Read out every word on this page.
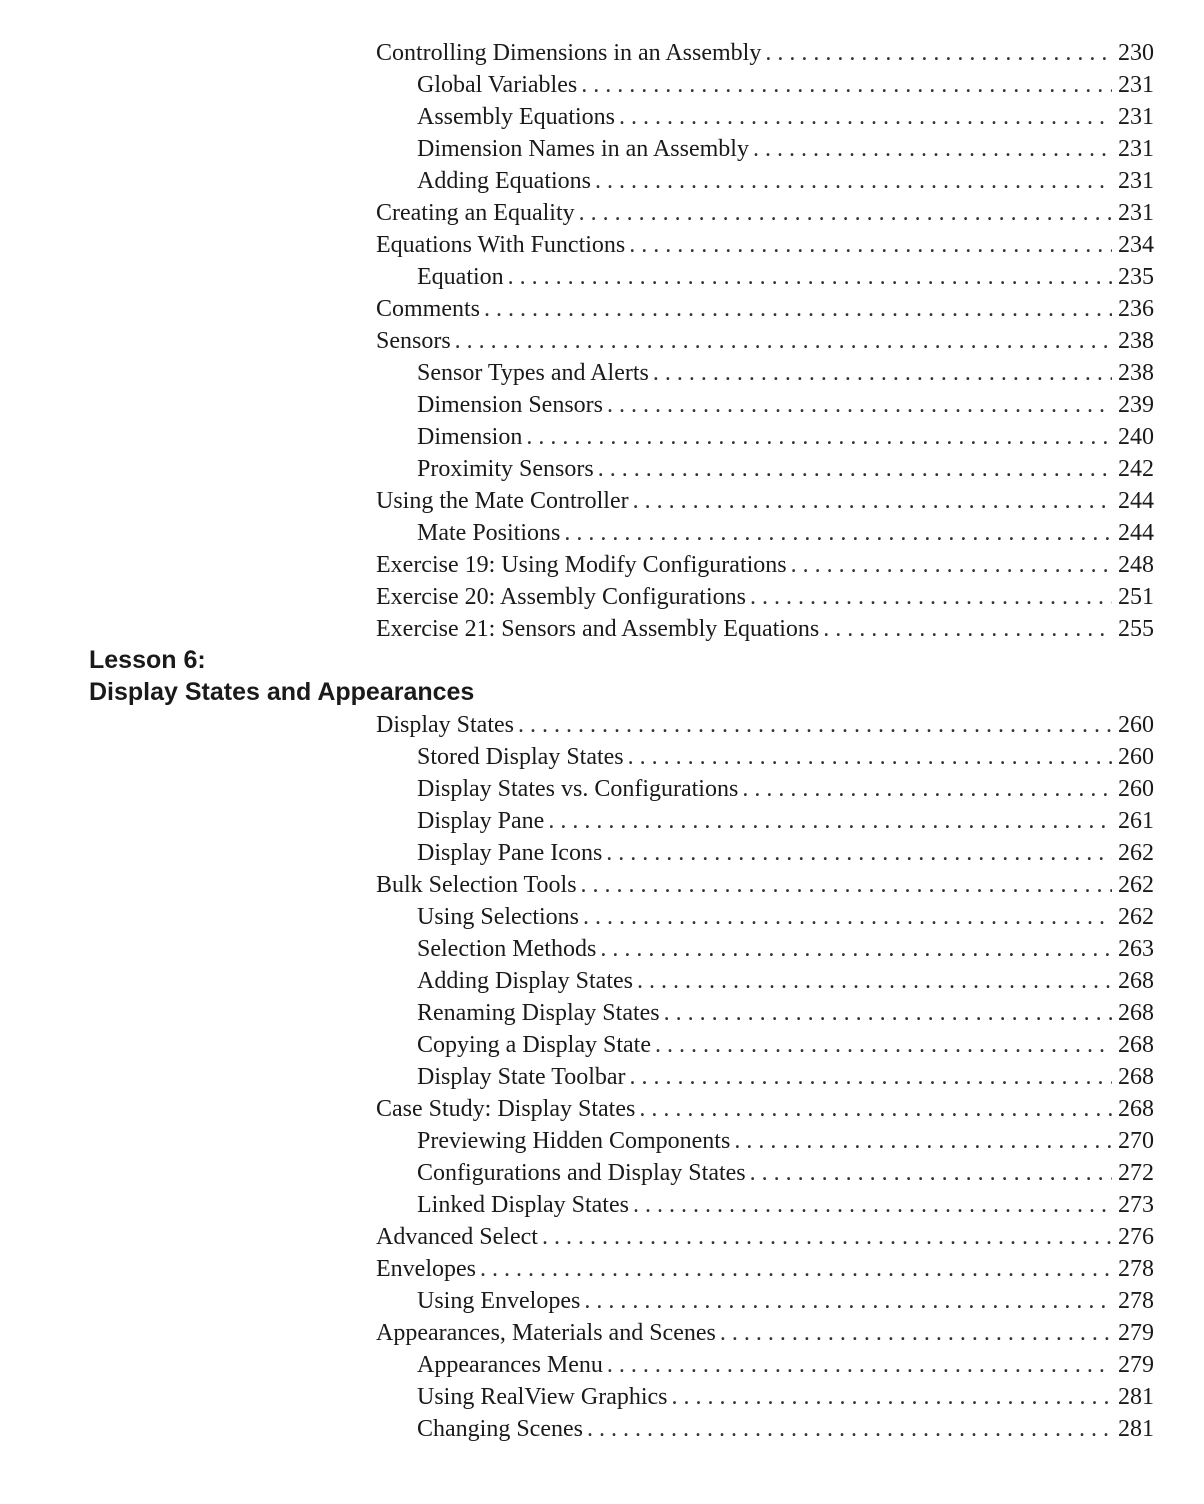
Controlling Dimensions in an Assembly . . .	230
Global Variables . . .	231
Assembly Equations . . .	231
Dimension Names in an Assembly . . .	231
Adding Equations . . .	231
Creating an Equality . . .	231
Equations With Functions . . .	234
Equation . . .	235
Comments . . .	236
Sensors . . .	238
Sensor Types and Alerts . . .	238
Dimension Sensors . . .	239
Dimension . . .	240
Proximity Sensors . . .	242
Using the Mate Controller . . .	244
Mate Positions . . .	244
Exercise 19: Using Modify Configurations . . .	248
Exercise 20: Assembly Configurations . . .	251
Exercise 21: Sensors and Assembly Equations . . .	255
Lesson 6:
Display States and Appearances
Display States . . .	260
Stored Display States . . .	260
Display States vs. Configurations . . .	260
Display Pane . . .	261
Display Pane Icons . . .	262
Bulk Selection Tools . . .	262
Using Selections . . .	262
Selection Methods . . .	263
Adding Display States . . .	268
Renaming Display States . . .	268
Copying a Display State . . .	268
Display State Toolbar . . .	268
Case Study: Display States . . .	268
Previewing Hidden Components . . .	270
Configurations and Display States . . .	272
Linked Display States . . .	273
Advanced Select . . .	276
Envelopes . . .	278
Using Envelopes . . .	278
Appearances, Materials and Scenes . . .	279
Appearances Menu . . .	279
Using RealView Graphics . . .	281
Changing Scenes . . .	281
